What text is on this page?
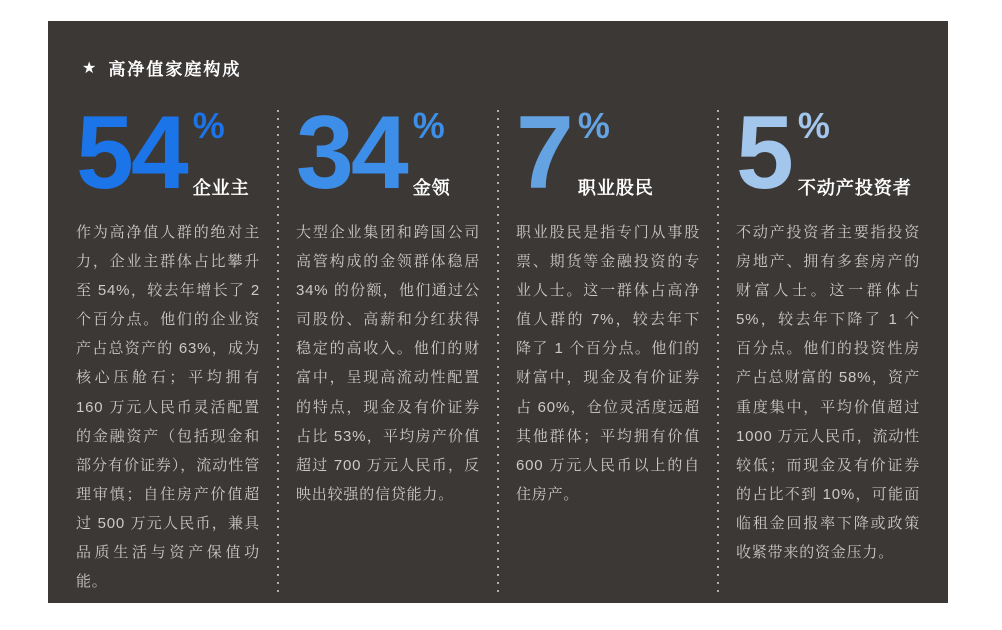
★ 高净值家庭构成
54 %
企业主

作为高净值人群的绝对主力，企业主群体占比攀升至 54%，较去年增长了 2 个百分点。他们的企业资产占总资产的 63%，成为核心压舱石；平均拥有 160 万元人民币灵活配置的金融资产（包括现金和部分有价证券），流动性管理审慎；自住房产价值超过 500 万元人民币，兼具品质生活与资产保值功能。

34 %
金领

大型企业集团和跨国公司高管构成的金领群体稳居 34% 的份额，他们通过公司股份、高薪和分红获得稳定的高收入。他们的财富中，呈现高流动性配置的特点，现金及有价证券占比 53%，平均房产价值超过 700 万元人民币，反映出较强的信贷能力。

7 %
职业股民

职业股民是指专门从事股票、期货等金融投资的专业人士。这一群体占高净值人群的 7%，较去年下降了 1 个百分点。他们的财富中，现金及有价证券占 60%，仓位灵活度远超其他群体；平均拥有价值 600 万元人民币以上的自住房产。

5 %
不动产投资者

不动产投资者主要指投资房地产、拥有多套房产的财富人士。这一群体占 5%，较去年下降了 1 个百分点。他们的投资性房产占总财富的 58%，资产重度集中，平均价值超过 1000 万元人民币，流动性较低；而现金及有价证券的占比不到 10%，可能面临租金回报率下降或政策收紧带来的资金压力。
